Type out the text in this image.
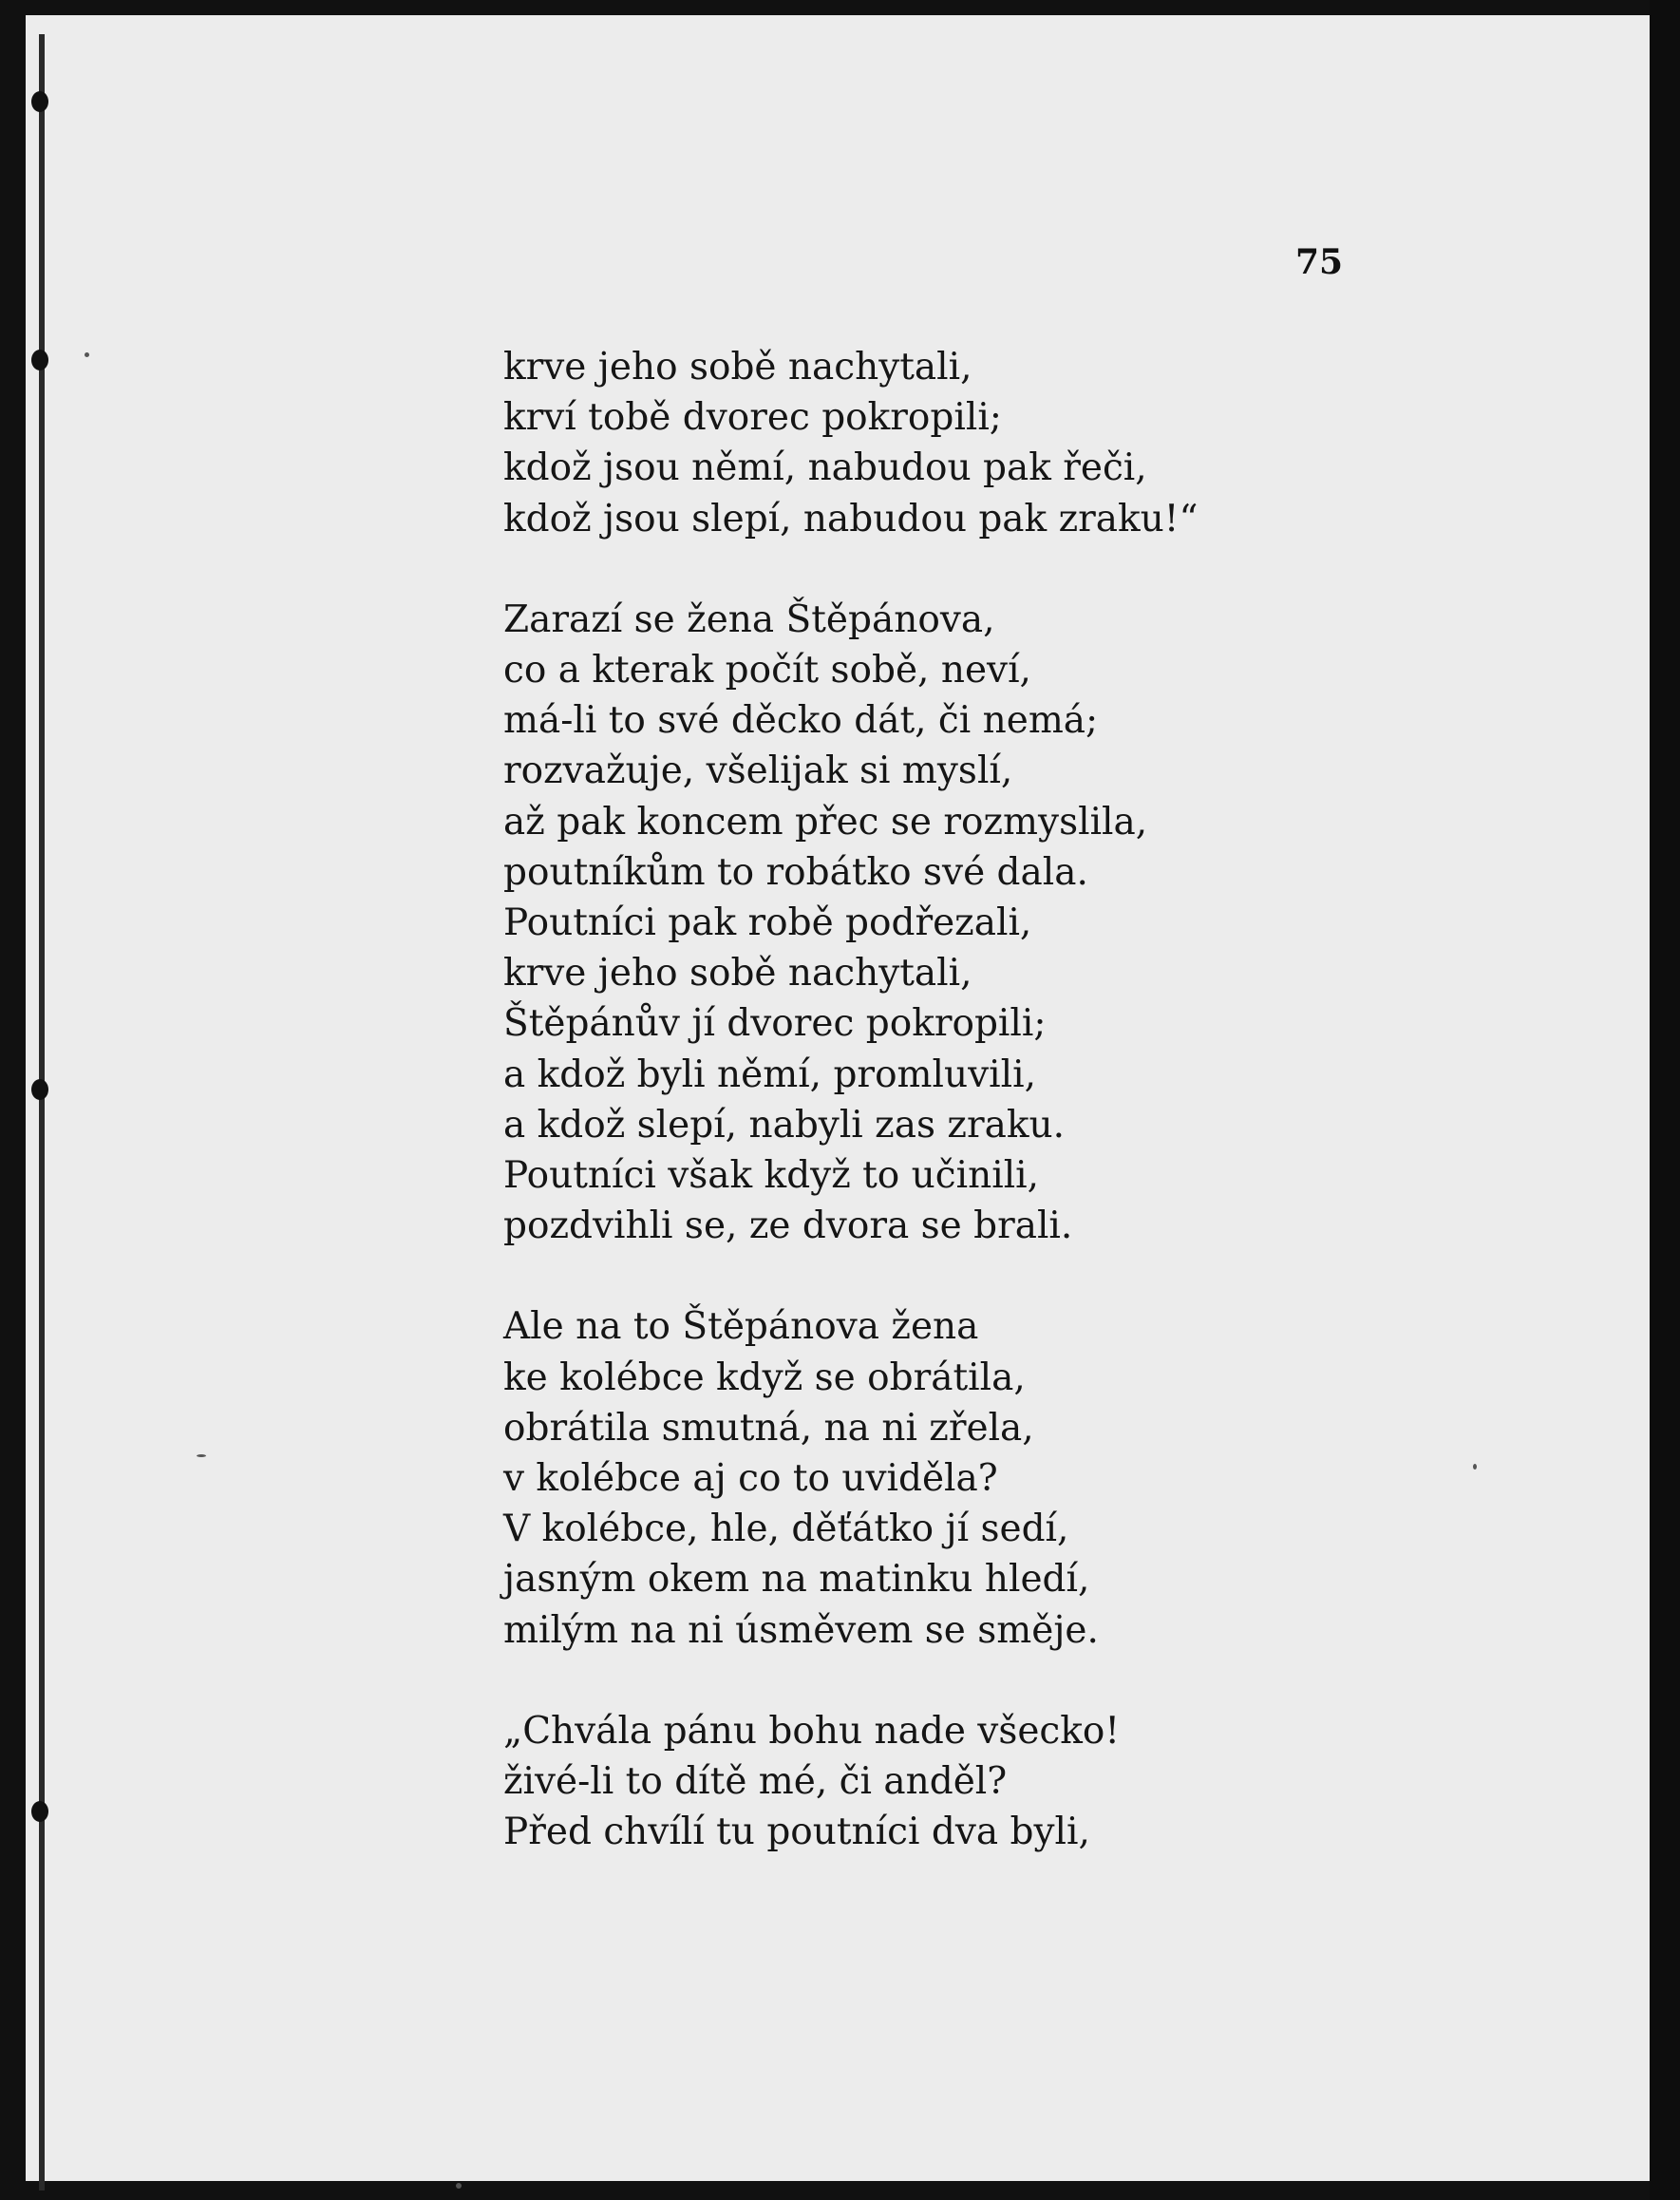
75
krve jeho sobě nachytali,
krví tobě dvorec pokropili;
kdož jsou němí, nabudou pak řeči,
kdož jsou slepí, nabudou pak zraku!“
Zarazí se žena Štěpánova,
co a kterak počít sobě, neví,
má-li to své děcko dát, či nemá;
rozvažuje, všelijak si myslí,
až pak koncem přec se rozmyslila,
poutníkům to robátko své dala.
Poutníci pak robě podřezali,
krve jeho sobě nachytali,
Štěpánův jí dvorec pokropili;
a kdož byli němí, promluvili,
a kdož slepí, nabyli zas zraku.
Poutníci však když to učinili,
pozdvihli se, ze dvora se brali.
Ale na to Štěpánova žena
ke kolébce když se obrátila,
obrátila smutná, na ni zřela,
v kolébce aj co to uviděla?
V kolébce, hle, děťátko jí sedí,
jasným okem na matinku hledí,
milým na ni úsměvem se směje.
„Chvála pánu bohu nade všecko!
živé-li to dítě mé, či anděl?
Před chvílí tu poutníci dva byli,
